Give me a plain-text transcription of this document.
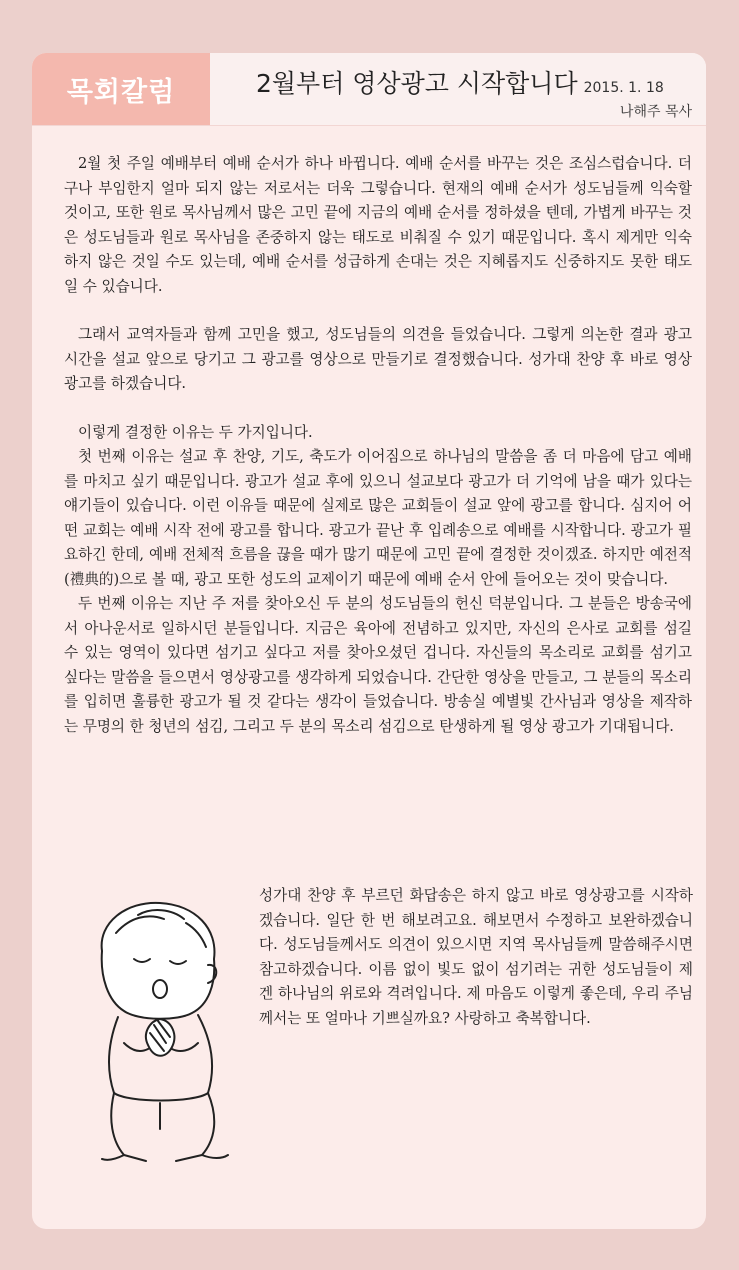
목회칼럼	2월부터 영상광고 시작합니다 2015. 1. 18
나해주 목사

2월 첫 주일 예배부터 예배 순서가 하나 바뀝니다. 예배 순서를 바꾸는 것은 조심스럽습니다. 더구나 부임한지 얼마 되지 않는 저로서는 더욱 그렇습니다. 현재의 예배 순서가 성도님들께 익숙할 것이고, 또한 원로 목사님께서 많은 고민 끝에 지금의 예배 순서를 정하셨을 텐데, 가볍게 바꾸는 것은 성도님들과 원로 목사님을 존중하지 않는 태도로 비춰질 수 있기 때문입니다. 혹시 제게만 익숙하지 않은 것일 수도 있는데, 예배 순서를 성급하게 손대는 것은 지혜롭지도 신중하지도 못한 태도일 수 있습니다.

그래서 교역자들과 함께 고민을 했고, 성도님들의 의견을 들었습니다. 그렇게 의논한 결과 광고 시간을 설교 앞으로 당기고 그 광고를 영상으로 만들기로 결정했습니다. 성가대 찬양 후 바로 영상광고를 하겠습니다.

이렇게 결정한 이유는 두 가지입니다.

첫 번째 이유는 설교 후 찬양, 기도, 축도가 이어짐으로 하나님의 말씀을 좀 더 마음에 담고 예배를 마치고 싶기 때문입니다. 광고가 설교 후에 있으니 설교보다 광고가 더 기억에 남을 때가 있다는 얘기들이 있습니다. 이런 이유들 때문에 실제로 많은 교회들이 설교 앞에 광고를 합니다. 심지어 어떤 교회는 예배 시작 전에 광고를 합니다. 광고가 끝난 후 입례송으로 예배를 시작합니다. 광고가 필요하긴 한데, 예배 전체적 흐름을 끊을 때가 많기 때문에 고민 끝에 결정한 것이겠죠. 하지만 예전적(禮典的)으로 볼 때, 광고 또한 성도의 교제이기 때문에 예배 순서 안에 들어오는 것이 맞습니다.

두 번째 이유는 지난 주 저를 찾아오신 두 분의 성도님들의 헌신 덕분입니다. 그 분들은 방송국에서 아나운서로 일하시던 분들입니다. 지금은 육아에 전념하고 있지만, 자신의 은사로 교회를 섬길 수 있는 영역이 있다면 섬기고 싶다고 저를 찾아오셨던 겁니다. 자신들의 목소리로 교회를 섬기고 싶다는 말씀을 들으면서 영상광고를 생각하게 되었습니다. 간단한 영상을 만들고, 그 분들의 목소리를 입히면 훌륭한 광고가 될 것 같다는 생각이 들었습니다. 방송실 예별빛 간사님과 영상을 제작하는 무명의 한 청년의 섬김, 그리고 두 분의 목소리 섬김으로 탄생하게 될 영상 광고가 기대됩니다.

성가대 찬양 후 부르던 화답송은 하지 않고 바로 영상광고를 시작하겠습니다. 일단 한 번 해보려고요. 해보면서 수정하고 보완하겠습니다. 성도님들께서도 의견이 있으시면 지역 목사님들께 말씀해주시면 참고하겠습니다. 이름 없이 빛도 없이 섬기려는 귀한 성도님들이 제겐 하나님의 위로와 격려입니다. 제 마음도 이렇게 좋은데, 우리 주님께서는 또 얼마나 기쁘실까요? 사랑하고 축복합니다.
